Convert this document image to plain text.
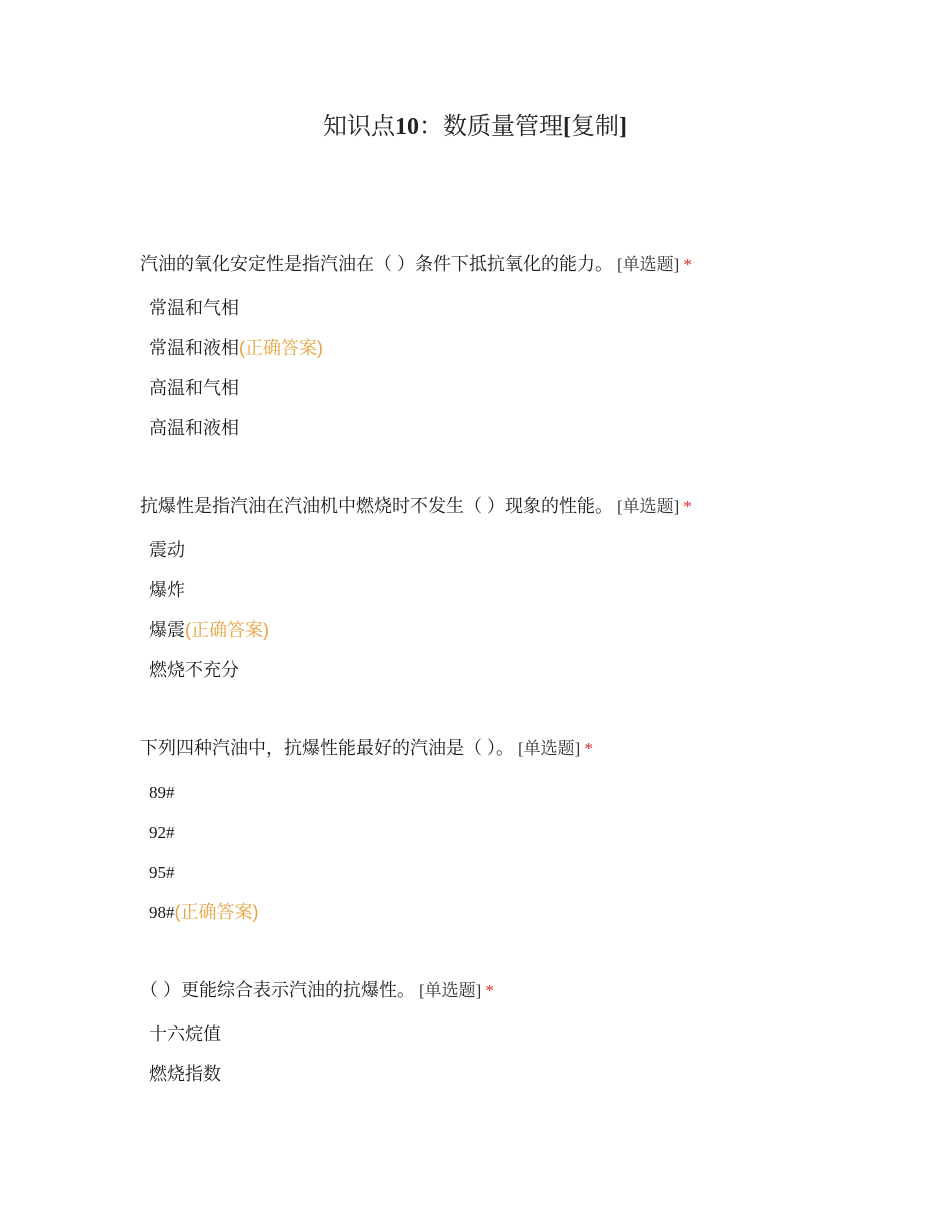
知识点10：数质量管理[复制]
汽油的氧化安定性是指汽油在（ ）条件下抵抗氧化的能力。 [单选题] *
常温和气相
常温和液相(正确答案)
高温和气相
高温和液相
抗爆性是指汽油在汽油机中燃烧时不发生（ ）现象的性能。 [单选题] *
震动
爆炸
爆震(正确答案)
燃烧不充分
下列四种汽油中，抗爆性能最好的汽油是（ ）。 [单选题] *
89#
92#
95#
98#(正确答案)
（ ）更能综合表示汽油的抗爆性。 [单选题] *
十六烷值
燃烧指数
